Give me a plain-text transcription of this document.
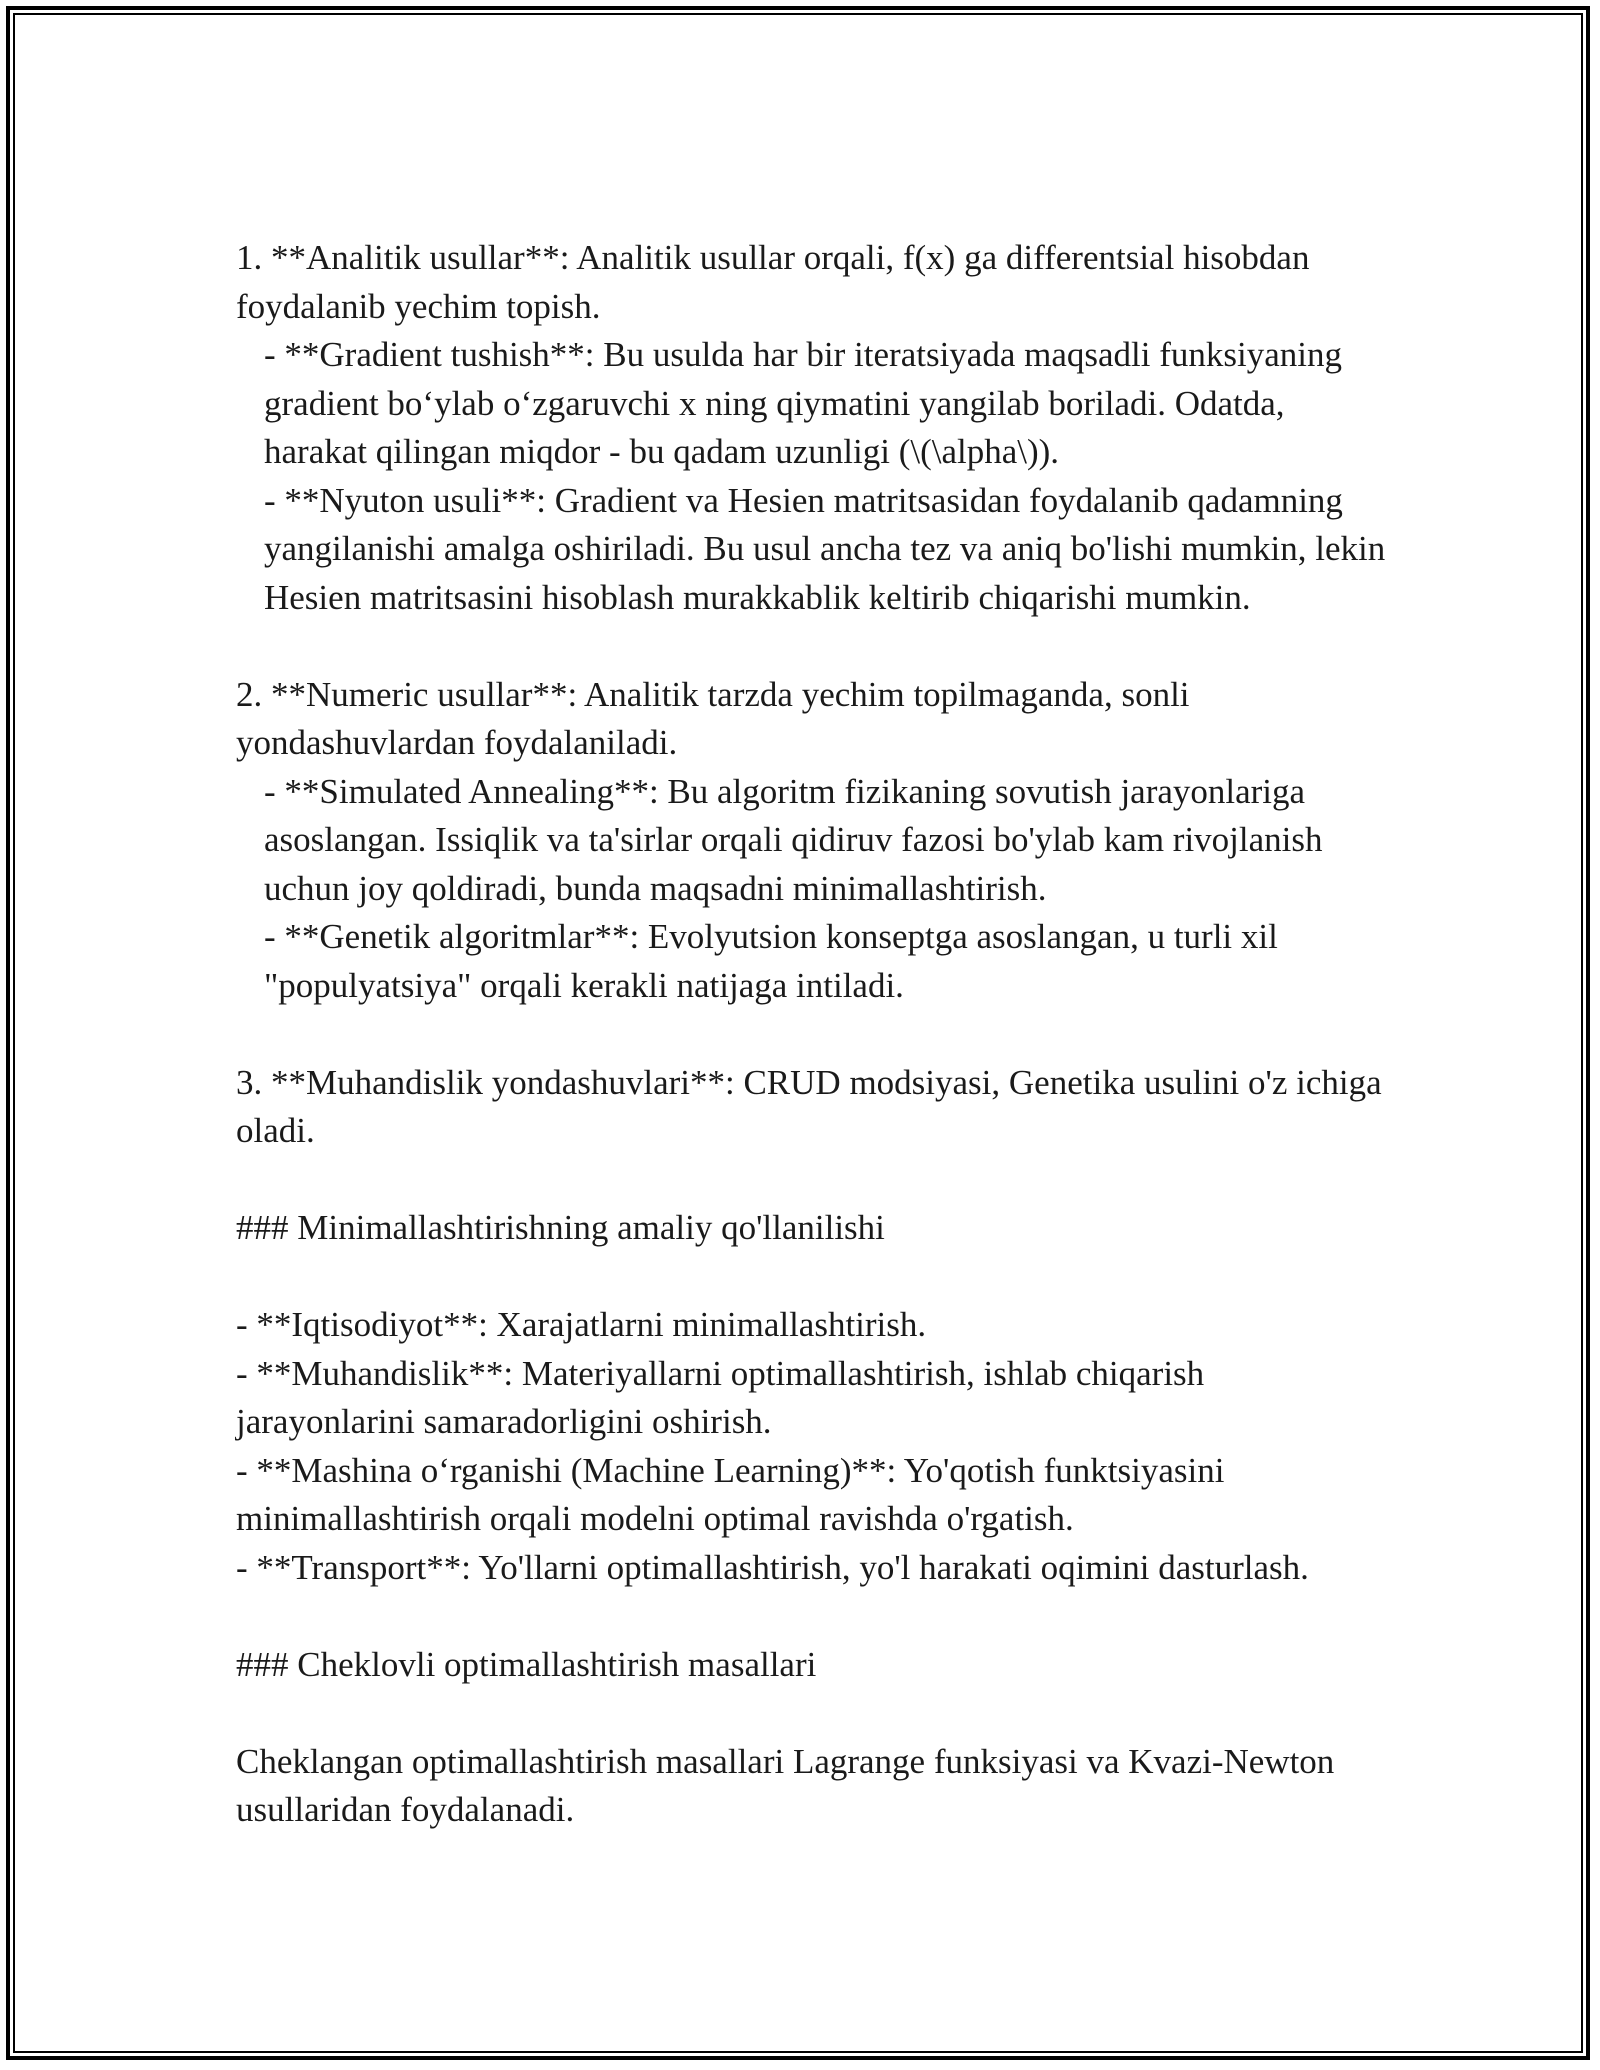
1. **Analitik usullar**: Analitik usullar orqali, f(x) ga differentsial hisobdan foydalanib yechim topish.

- **Gradient tushish**: Bu usulda har bir iteratsiyada maqsadli funksiyaning gradient bo‘ylab o‘zgaruvchi x ning qiymatini yangilab boriladi. Odatda, harakat qilingan miqdor - bu qadam uzunligi (\(\alpha\)).

- **Nyuton usuli**: Gradient va Hesien matritsasidan foydalanib qadamning yangilanishi amalga oshiriladi. Bu usul ancha tez va aniq bo'lishi mumkin, lekin Hesien matritsasini hisoblash murakkablik keltirib chiqarishi mumkin.

2. **Numeric usullar**: Analitik tarzda yechim topilmaganda, sonli yondashuvlardan foydalaniladi.

- **Simulated Annealing**: Bu algoritm fizikaning sovutish jarayonlariga asoslangan. Issiqlik va ta'sirlar orqali qidiruv fazosi bo'ylab kam rivojlanish uchun joy qoldiradi, bunda maqsadni minimallashtirish.

- **Genetik algoritmlar**: Evolyutsion konseptga asoslangan, u turli xil "populyatsiya" orqali kerakli natijaga intiladi.

3. **Muhandislik yondashuvlari**: CRUD modsiyasi, Genetika usulini o'z ichiga oladi.

### Minimallashtirishning amaliy qo'llanilishi

- **Iqtisodiyot**: Xarajatlarni minimallashtirish.

- **Muhandislik**: Materiyallarni optimallashtirish, ishlab chiqarish jarayonlarini samaradorligini oshirish.

- **Mashina o‘rganishi (Machine Learning)**: Yo'qotish funktsiyasini minimallashtirish orqali modelni optimal ravishda o'rgatish.

- **Transport**: Yo'llarni optimallashtirish, yo'l harakati oqimini dasturlash.

### Cheklovli optimallashtirish masallari

Cheklangan optimallashtirish masallari Lagrange funksiyasi va Kvazi-Newton usullaridan foydalanadi.
